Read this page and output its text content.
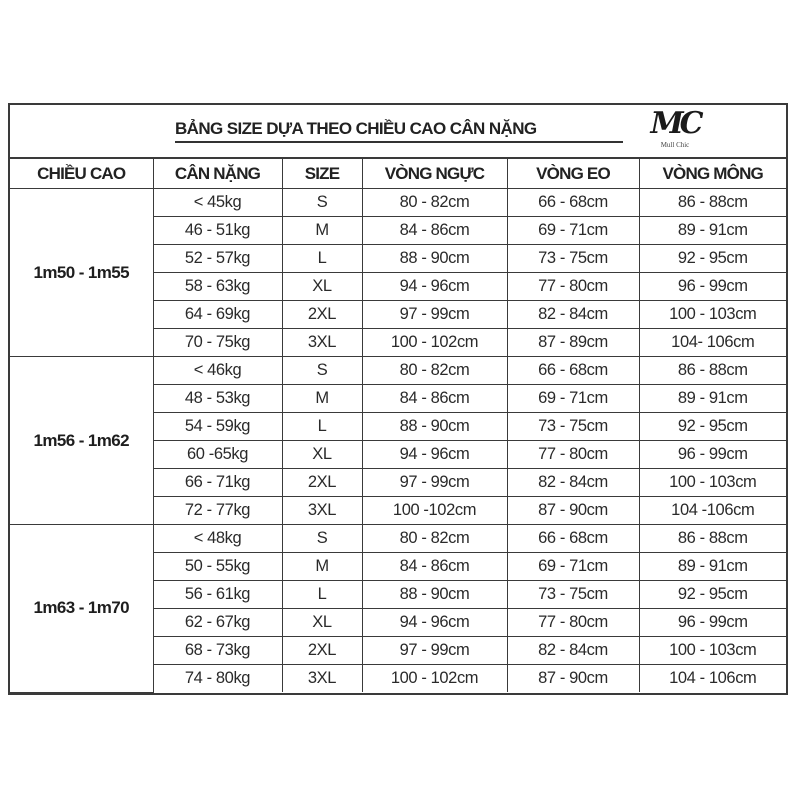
BẢNG SIZE DỰA THEO CHIỀU CAO CÂN NẶNG	MC
Mull Chic
CHIỀU CAO	CÂN NẶNG	SIZE	VÒNG NGỰC	VÒNG EO	VÒNG MÔNG
1m50 - 1m55	< 45kg	S	80 - 82cm	66 - 68cm	86 - 88cm
	46 - 51kg	M	84 - 86cm	69 - 71cm	89 - 91cm
	52 - 57kg	L	88 - 90cm	73 - 75cm	92 - 95cm
	58 - 63kg	XL	94 - 96cm	77 - 80cm	96 - 99cm
	64 - 69kg	2XL	97 - 99cm	82 - 84cm	100 - 103cm
	70 - 75kg	3XL	100 - 102cm	87 - 89cm	104- 106cm
1m56 - 1m62	< 46kg	S	80 - 82cm	66 - 68cm	86 - 88cm
	48 - 53kg	M	84 - 86cm	69 - 71cm	89 - 91cm
	54 - 59kg	L	88 - 90cm	73 - 75cm	92 - 95cm
	60 -65kg	XL	94 - 96cm	77 - 80cm	96 - 99cm
	66 - 71kg	2XL	97 - 99cm	82 - 84cm	100 - 103cm
	72 - 77kg	3XL	100 -102cm	87 - 90cm	104 -106cm
1m63 - 1m70	< 48kg	S	80 - 82cm	66 - 68cm	86 - 88cm
	50 - 55kg	M	84 - 86cm	69 - 71cm	89 - 91cm
	56 - 61kg	L	88 - 90cm	73 - 75cm	92 - 95cm
	62 - 67kg	XL	94 - 96cm	77 - 80cm	96 - 99cm
	68 - 73kg	2XL	97 - 99cm	82 - 84cm	100 - 103cm
	74 - 80kg	3XL	100 - 102cm	87 - 90cm	104 - 106cm
